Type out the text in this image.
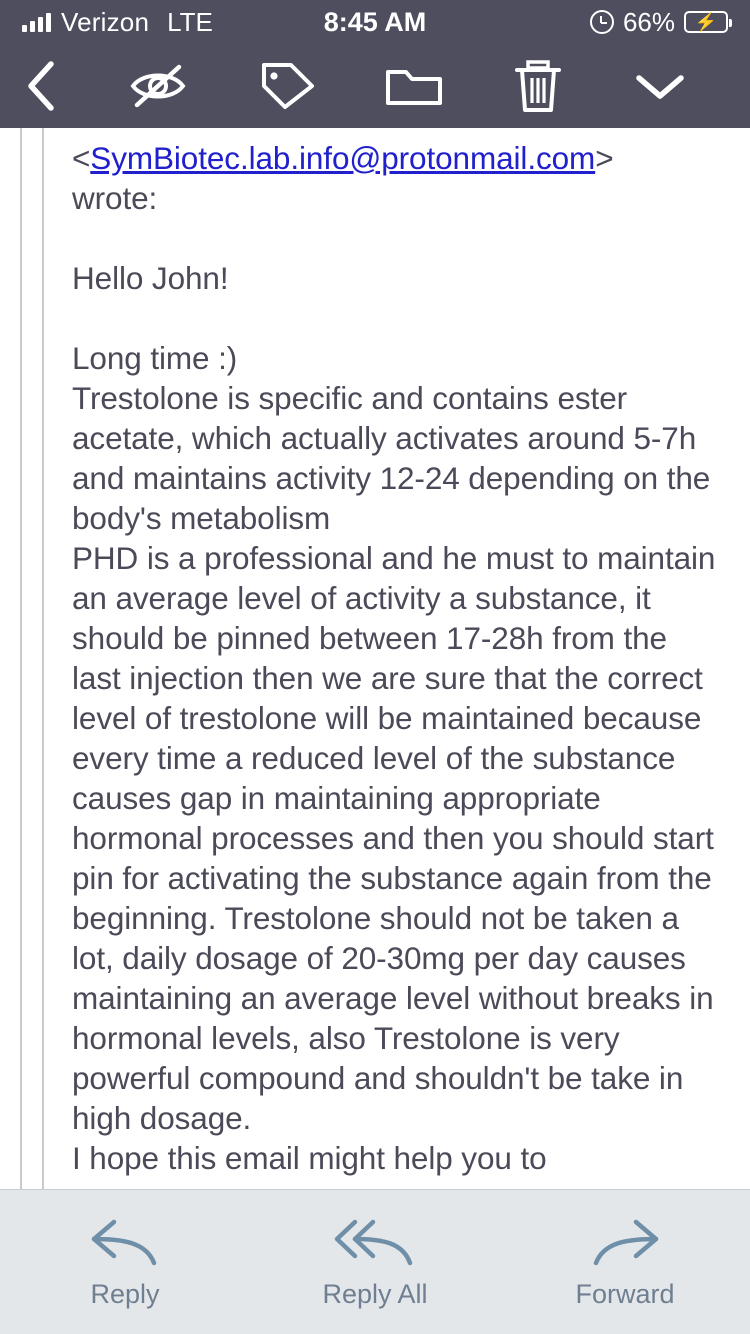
Verizon LTE	8:45 AM	66% ⚡

<SymBiotec.lab.info@protonmail.com>

wrote:

Hello John!

Long time :)

Trestolone is specific and contains ester acetate, which actually activates around 5-7h and maintains activity 12-24 depending on the body's metabolism

PHD is a professional and he must to maintain an average level of activity a substance, it should be pinned between 17-28h from the last injection then we are sure that the correct level of trestolone will be maintained because every time a reduced level of the substance causes gap in maintaining appropriate hormonal processes and then you should start pin for activating the substance again from the beginning. Trestolone should not be taken a lot, daily dosage of 20-30mg per day causes maintaining an average level without breaks in hormonal levels, also Trestolone is very powerful compound and shouldn't be take in high dosage.

I hope this email might help you to

Reply	Reply All	Forward
